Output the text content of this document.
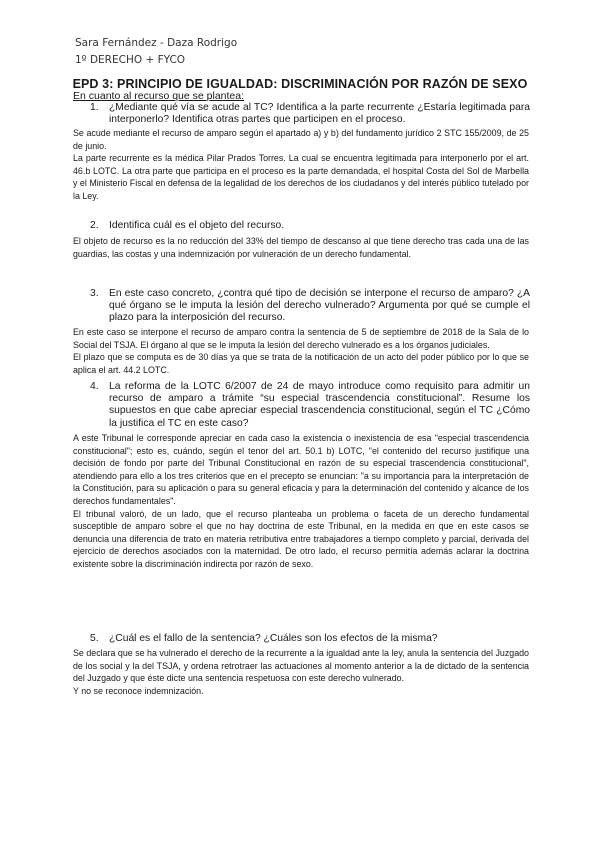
Sara Fernández - Daza Rodrigo
1º DERECHO + FYCO
EPD 3: PRINCIPIO DE IGUALDAD: DISCRIMINACIÓN POR RAZÓN DE SEXO
En cuanto al recurso que se plantea:
1.	¿Mediante qué vía se acude al TC? Identifica a la parte recurrente ¿Estaría legitimada para interponerlo? Identifica otras partes que participen en el proceso.

Se acude mediante el recurso de amparo según el apartado a) y b) del fundamento jurídico 2 STC 155/2009, de 25 de junio.

La parte recurrente es la médica Pilar Prados Torres. La cual se encuentra legitimada para interponerlo por el art. 46.b LOTC. La otra parte que participa en el proceso es la parte demandada, el hospital Costa del Sol de Marbella y el Ministerio Fiscal en defensa de la legalidad de los derechos de los ciudadanos y del interés público tutelado por la Ley.

2.	Identifica cuál es el objeto del recurso.

El objeto de recurso es la no reducción del 33% del tiempo de descanso al que tiene derecho tras cada una de las guardias, las costas y una indemnización por vulneración de un derecho fundamental.

3.	En este caso concreto, ¿contra qué tipo de decisión se interpone el recurso de amparo? ¿A qué órgano se le imputa la lesión del derecho vulnerado? Argumenta por qué se cumple el plazo para la interposición del recurso.

En este caso se interpone el recurso de amparo contra la sentencia de 5 de septiembre de 2018 de la Sala de lo Social del TSJA. El órgano al que se le imputa la lesión del derecho vulnerado es a los órganos judiciales.

El plazo que se computa es de 30 días ya que se trata de la notificación de un acto del poder público por lo que se aplica el art. 44.2 LOTC.

4.	La reforma de la LOTC 6/2007 de 24 de mayo introduce como requisito para admitir un recurso de amparo a trámite “su especial trascendencia constitucional”. Resume los supuestos en que cabe apreciar especial trascendencia constitucional, según el TC ¿Cómo la justifica el TC en este caso?

A este Tribunal le corresponde apreciar en cada caso la existencia o inexistencia de esa "especial trascendencia constitucional"; esto es, cuándo, según el tenor del art. 50.1 b) LOTC, "el contenido del recurso justifique una decisión de fondo por parte del Tribunal Constitucional en razón de su especial trascendencia constitucional", atendiendo para ello a los tres criterios que en el precepto se enuncian: "a su importancia para la interpretación de la Constitución, para su aplicación o para su general eficacia y para la determinación del contenido y alcance de los derechos fundamentales".

El tribunal valoró, de un lado, que el recurso planteaba un problema o faceta de un derecho fundamental susceptible de amparo sobre el que no hay doctrina de este Tribunal, en la medida en que en este casos se denuncia una diferencia de trato en materia retributiva entre trabajadores a tiempo completo y parcial, derivada del ejercicio de derechos asociados con la maternidad. De otro lado, el recurso permitía además aclarar la doctrina existente sobre la discriminación indirecta por razón de sexo.

5.	¿Cuál es el fallo de la sentencia? ¿Cuáles son los efectos de la misma?

Se declara que se ha vulnerado el derecho de la recurrente a la igualdad ante la ley, anula la sentencia del Juzgado de los social y la del TSJA, y ordena retrotraer las actuaciones al momento anterior a la de dictado de la sentencia del Juzgado y que éste dicte una sentencia respetuosa con este derecho vulnerado.

Y no se reconoce indemnización.
